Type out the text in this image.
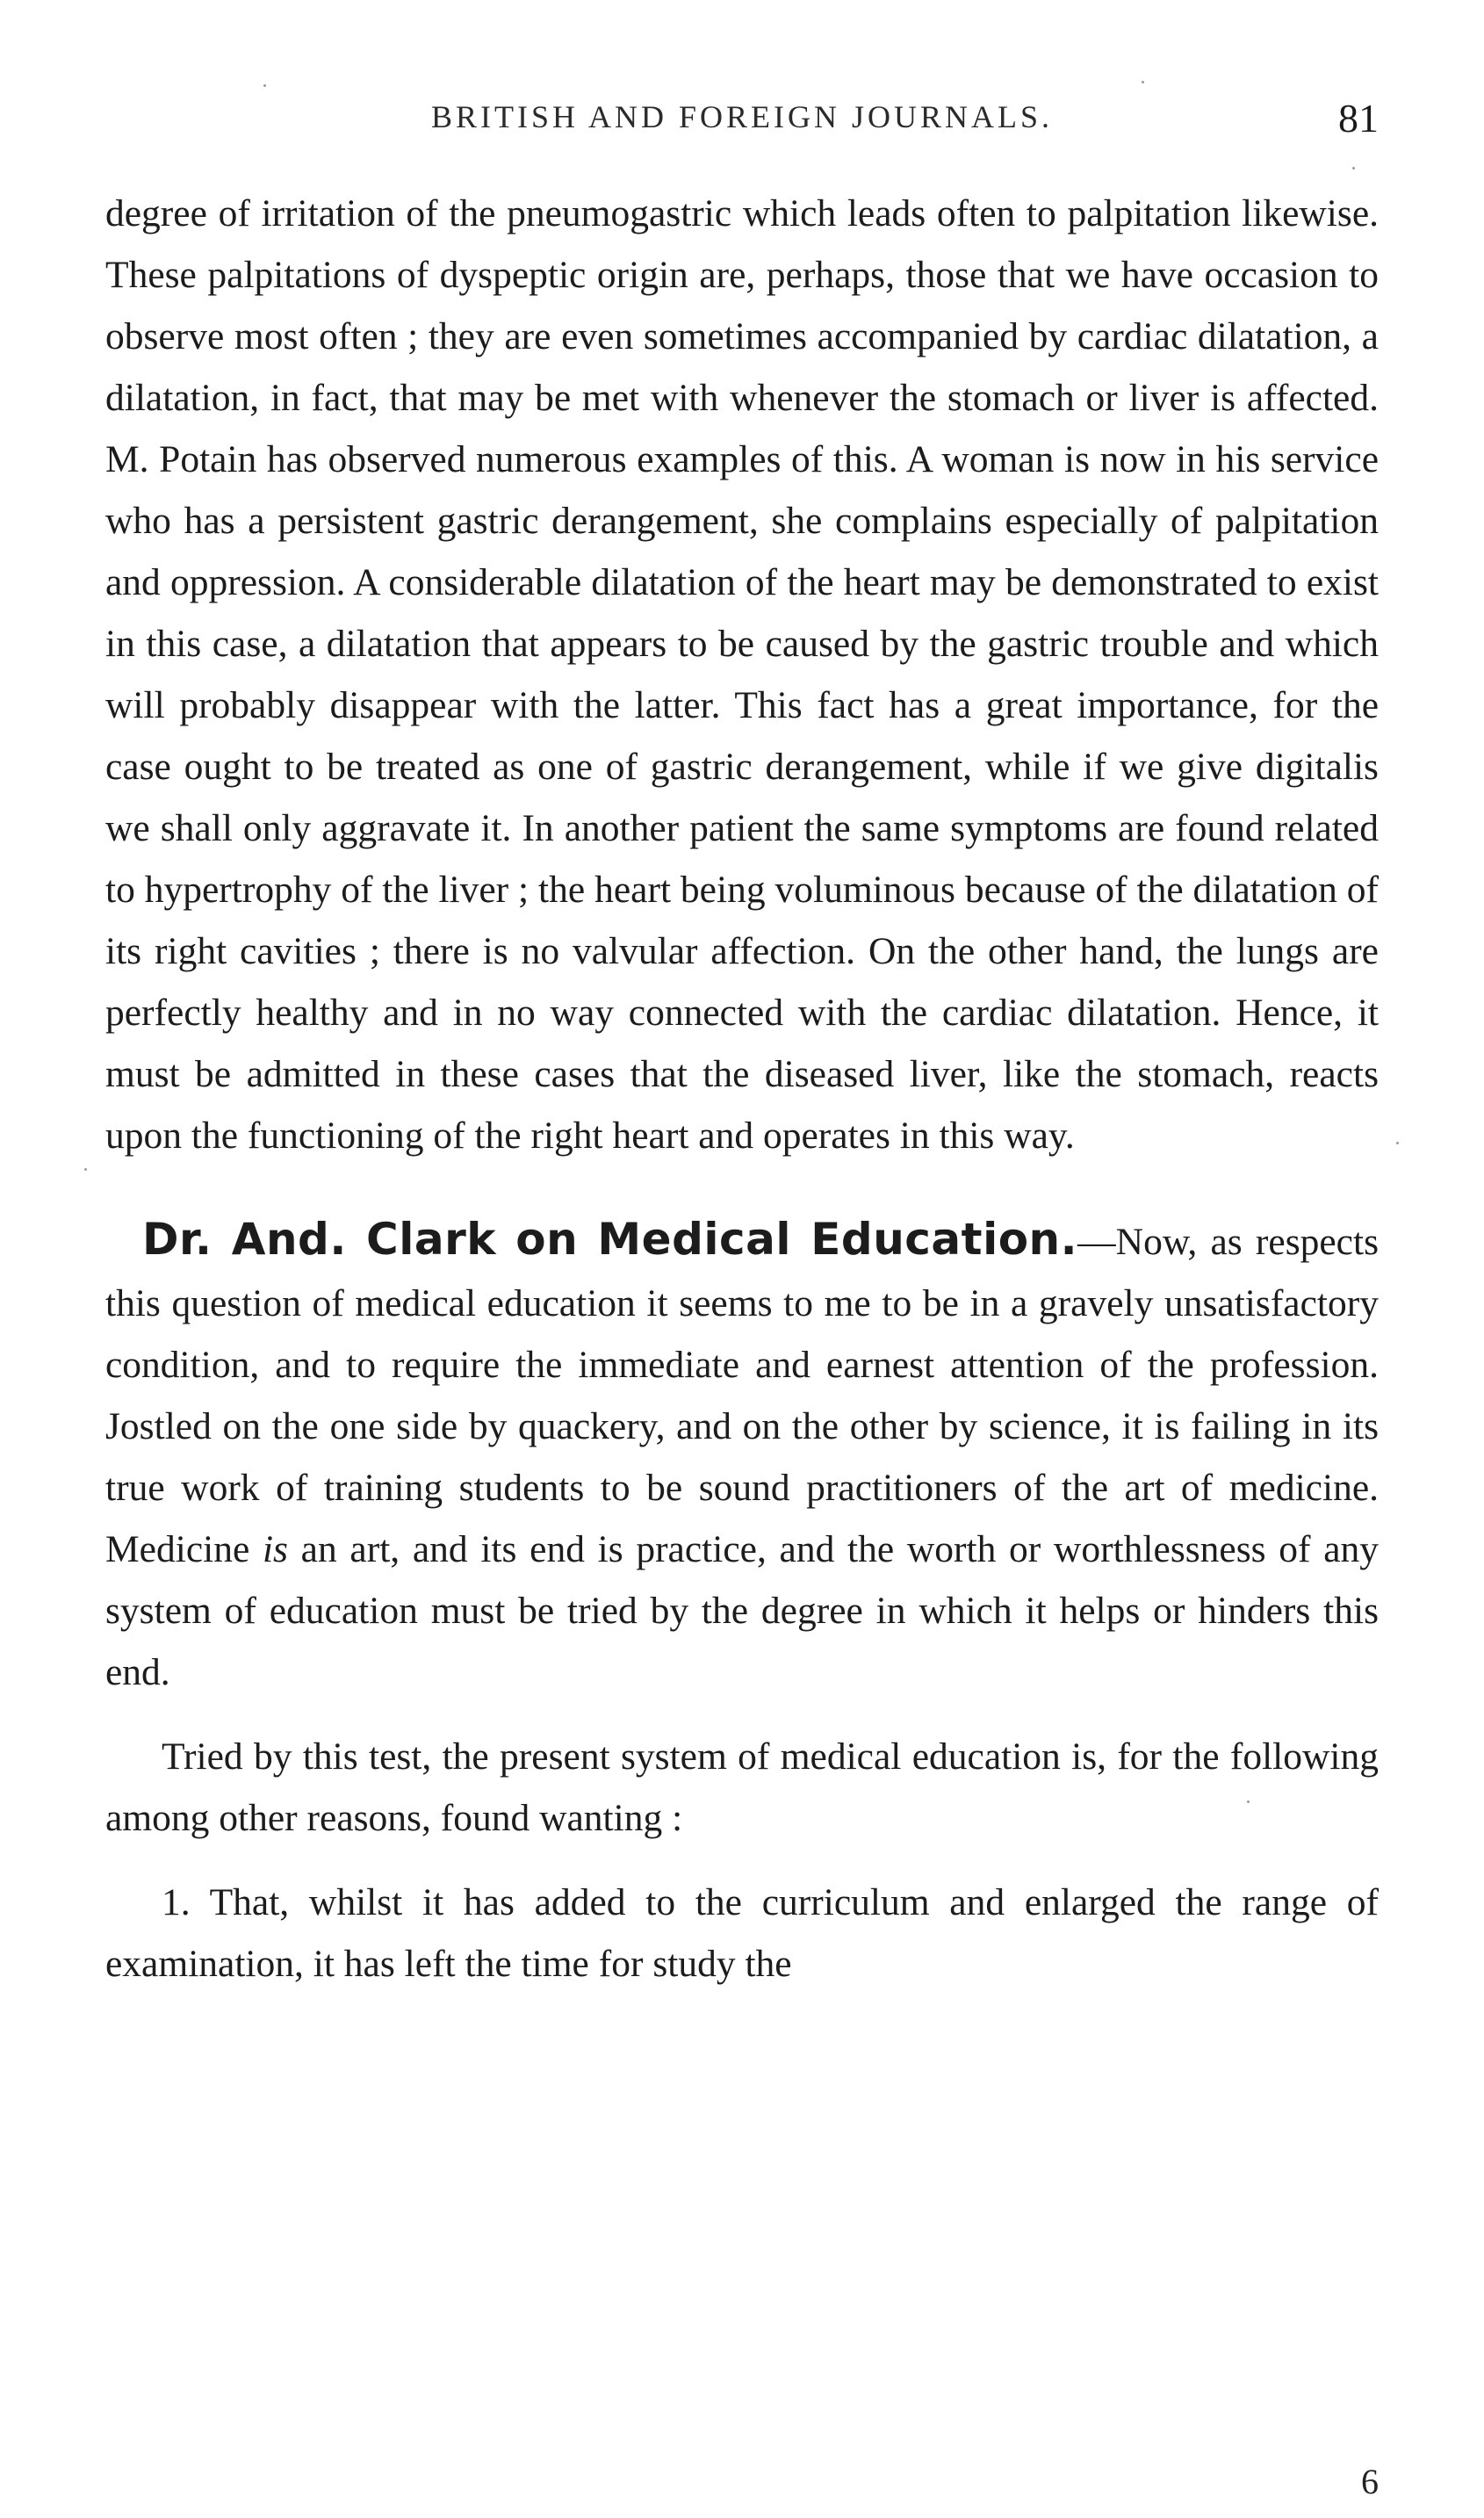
BRITISH AND FOREIGN JOURNALS.	81

degree of irritation of the pneumogastric which leads often to palpitation likewise. These palpitations of dyspeptic origin are, perhaps, those that we have occasion to observe most often ; they are even sometimes accompanied by cardiac dilatation, a dilatation, in fact, that may be met with whenever the stomach or liver is affected. M. Potain has observed numerous examples of this. A woman is now in his service who has a persistent gastric derangement, she complains especially of palpitation and oppression. A considerable dilatation of the heart may be demonstrated to exist in this case, a dilatation that appears to be caused by the gastric trouble and which will probably disappear with the latter. This fact has a great importance, for the case ought to be treated as one of gastric derangement, while if we give digitalis we shall only aggravate it. In another patient the same symptoms are found related to hypertrophy of the liver ; the heart being voluminous because of the dilatation of its right cavities ; there is no valvular affection. On the other hand, the lungs are perfectly healthy and in no way connected with the cardiac dilatation. Hence, it must be admitted in these cases that the diseased liver, like the stomach, reacts upon the functioning of the right heart and operates in this way.

Dr. And. Clark on Medical Education.—Now, as respects this question of medical education it seems to me to be in a gravely unsatisfactory condition, and to require the immediate and earnest attention of the profession. Jostled on the one side by quackery, and on the other by science, it is failing in its true work of training students to be sound practitioners of the art of medicine. Medicine is an art, and its end is practice, and the worth or worthlessness of any system of education must be tried by the degree in which it helps or hinders this end.

Tried by this test, the present system of medical education is, for the following among other reasons, found wanting :

1. That, whilst it has added to the curriculum and enlarged the range of examination, it has left the time for study the

6
